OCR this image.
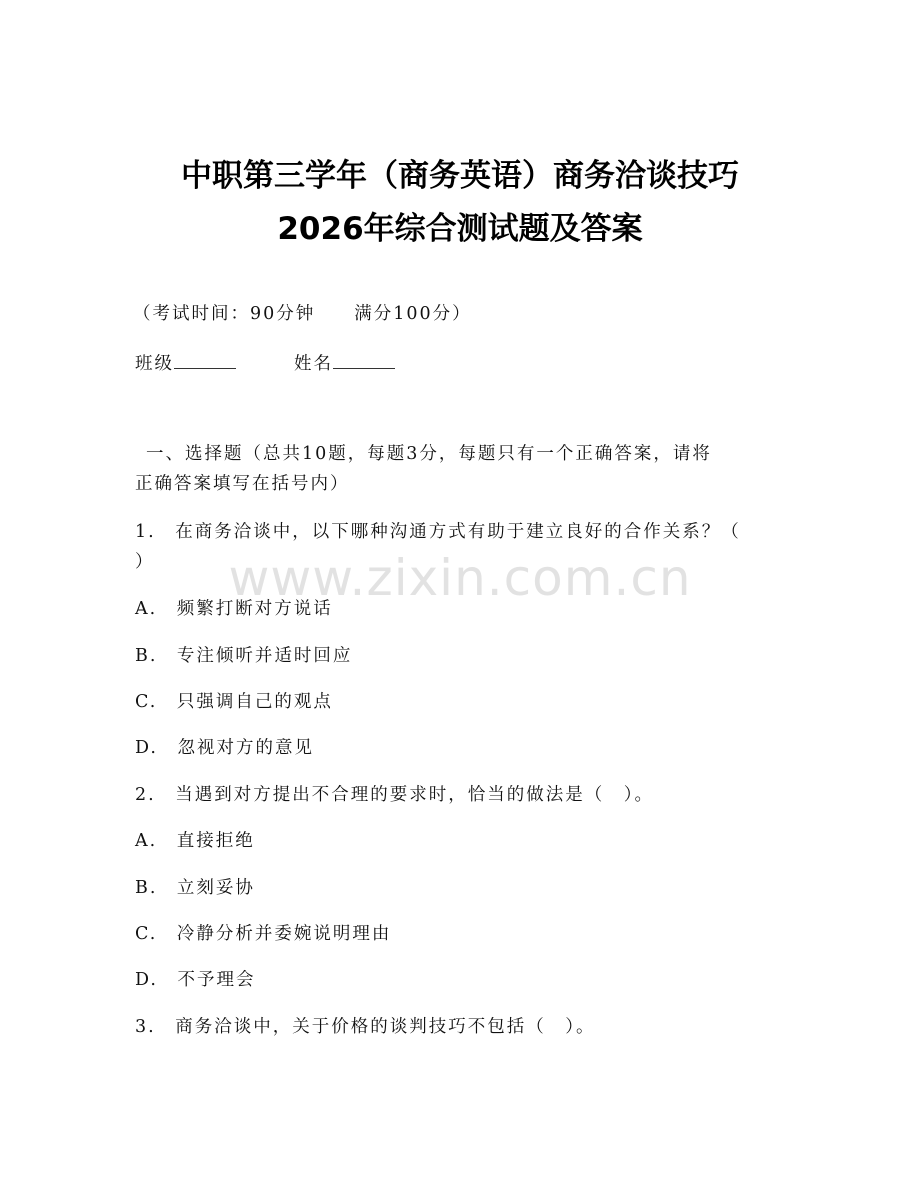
中职第三学年（商务英语）商务洽谈技巧
2026年综合测试题及答案
（考试时间：90分钟　　满分100分）
班级	姓名
一、选择题（总共10题，每题3分，每题只有一个正确答案，请将
正确答案填写在括号内）
1.　在商务洽谈中，以下哪种沟通方式有助于建立良好的合作关系？（
）
A.　频繁打断对方说话
B.　专注倾听并适时回应
C.　只强调自己的观点
D.　忽视对方的意见
2.　当遇到对方提出不合理的要求时，恰当的做法是（　）。
A.　直接拒绝
B.　立刻妥协
C.　冷静分析并委婉说明理由
D.　不予理会
3.　商务洽谈中，关于价格的谈判技巧不包括（　）。
www.zixin.com.cn
